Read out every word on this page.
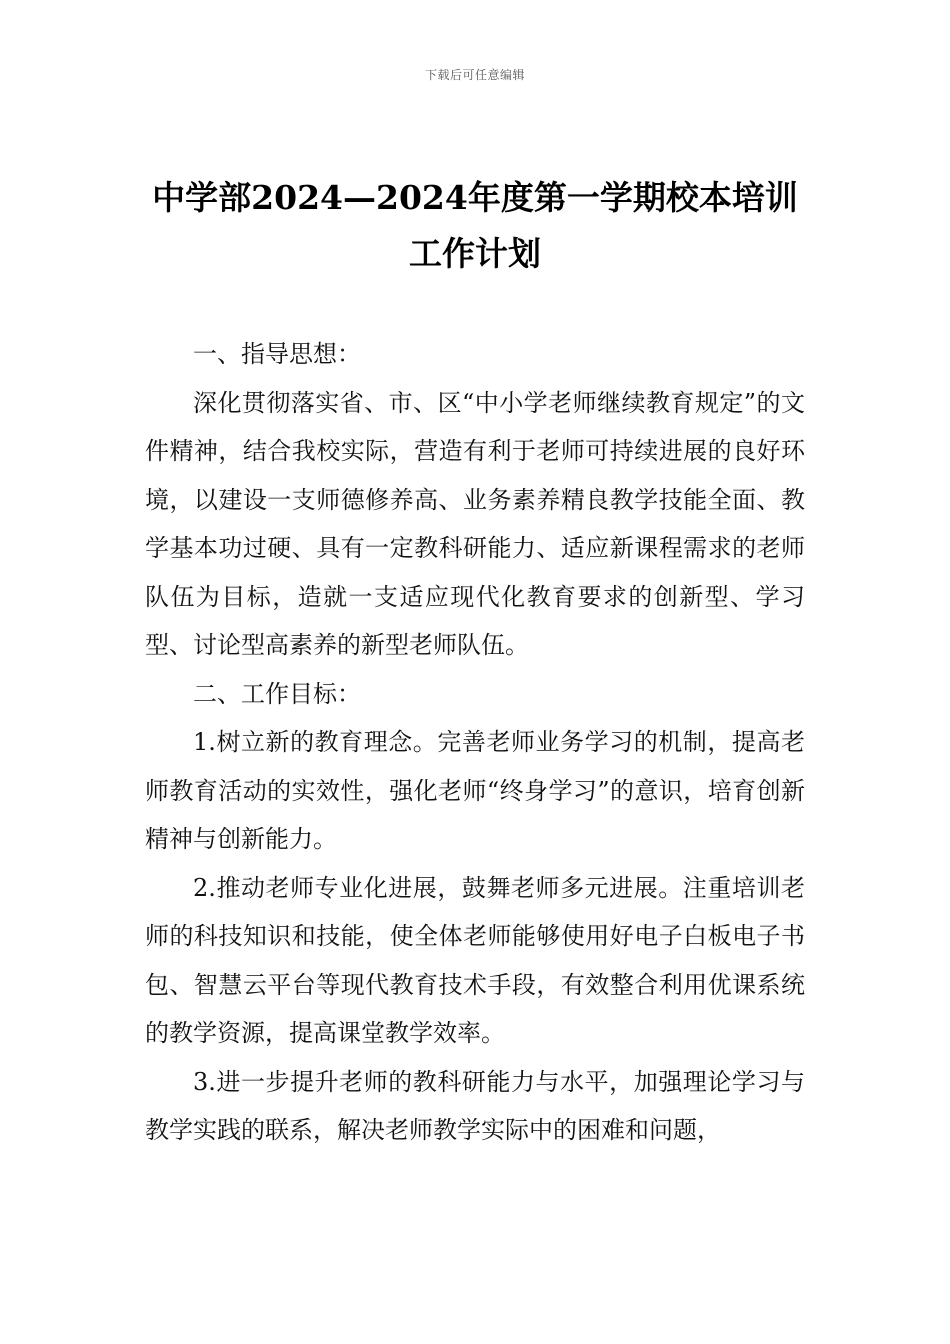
下载后可任意编辑
中学部2024—2024年度第一学期校本培训工作计划

一、指导思想：

深化贯彻落实省、市、区“中小学老师继续教育规定”的文件精神，结合我校实际，营造有利于老师可持续进展的良好环境，以建设一支师德修养高、业务素养精良教学技能全面、教学基本功过硬、具有一定教科研能力、适应新课程需求的老师队伍为目标，造就一支适应现代化教育要求的创新型、学习型、讨论型高素养的新型老师队伍。

二、工作目标：

1.树立新的教育理念。完善老师业务学习的机制，提高老师教育活动的实效性，强化老师“终身学习”的意识，培育创新精神与创新能力。

2.推动老师专业化进展，鼓舞老师多元进展。注重培训老师的科技知识和技能，使全体老师能够使用好电子白板电子书包、智慧云平台等现代教育技术手段，有效整合利用优课系统的教学资源，提高课堂教学效率。

3.进一步提升老师的教科研能力与水平，加强理论学习与教学实践的联系，解决老师教学实际中的困难和问题，
